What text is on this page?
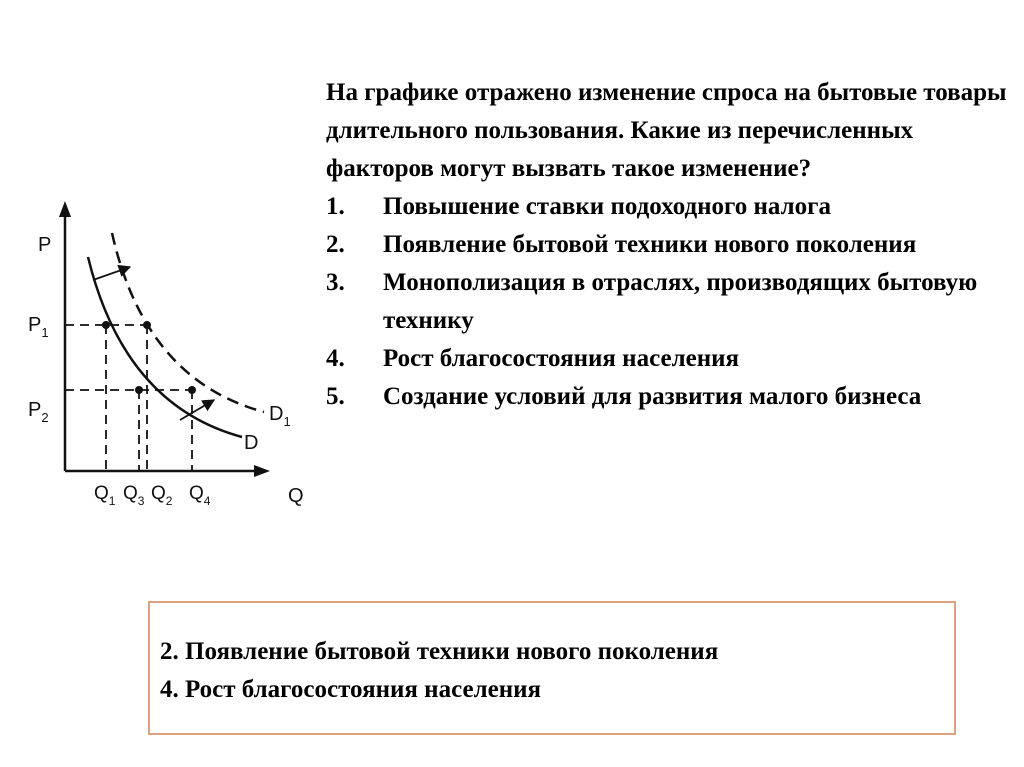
P
Q
$P_1$
$P_2$
$Q_1$ $Q_3$ $Q_2$ $Q_4$
D
$D_1$

На графике отражено изменение спроса на бытовые товары длительного пользования. Какие из перечисленных факторов могут вызвать такое изменение?

1. Повышение ставки подоходного налога
2. Появление бытовой техники нового поколения
3. Монополизация в отраслях, производящих бытовую технику
4. Рост благосостояния населения
5. Создание условий для развития малого бизнеса
2. Появление бытовой техники нового поколения
4. Рост благосостояния населения
